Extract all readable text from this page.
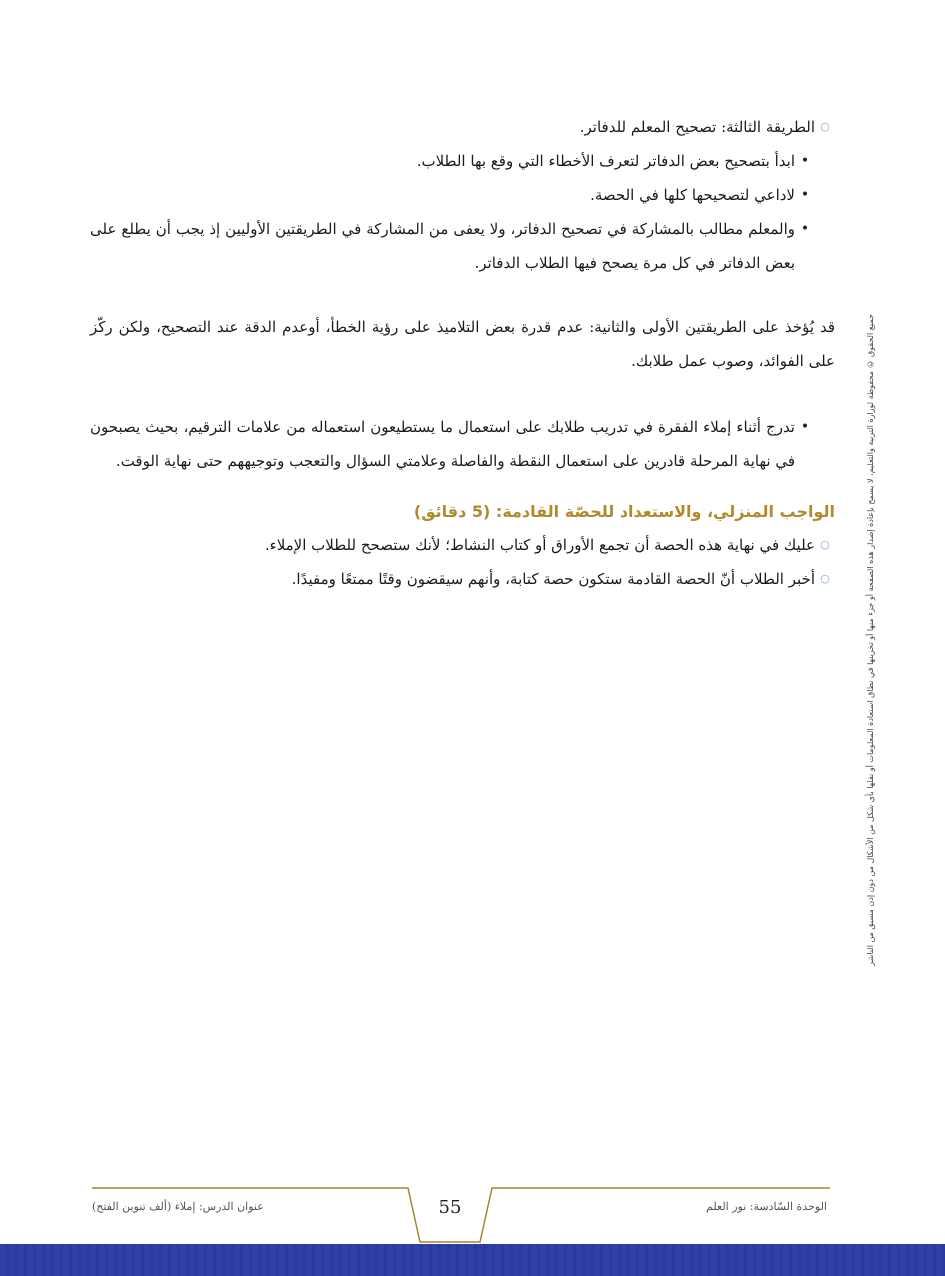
○
الطريقة الثالثة: تصحيح المعلم للدفاتر.
•
ابدأ بتصحيح بعض الدفاتر لتعرف الأخطاء التي وقع بها الطلاب.
•
لاداعي لتصحيحها كلها في الحصة.
•
والمعلم مطالب بالمشاركة في تصحيح الدفاتر، ولا يعفى من المشاركة في الطريقتين الأوليين إذ يجب أن يطلع على بعض الدفاتر في كل مرة يصحح فيها الطلاب الدفاتر.
قد يُؤخذ على الطريقتين الأولى والثانية: عدم قدرة بعض التلاميذ على رؤية الخطأ، أوعدم الدقة عند التصحيح، ولكن ركّز على الفوائد، وصوب عمل طلابك.
•
تدرج أثناء إملاء الفقرة في تدريب طلابك على استعمال ما يستطيعون استعماله من علامات الترقيم، بحيث يصبحون في نهاية المرحلة قادرين على استعمال النقطة والفاصلة وعلامتي السؤال والتعجب وتوجيههم حتى نهاية الوقت.
الواجب المنزلي، والاستعداد للحصّة القادمة: (5 دقائق)
○
عليك في نهاية هذه الحصة أن تجمع الأوراق أو كتاب النشاط؛ لأنك ستصحح للطلاب الإملاء.
○
أخبر الطلاب أنّ الحصة القادمة ستكون حصة كتابة، وأنهم سيقضون وقتًا ممتعًا ومفيدًا.	جميع الحقوق © محفوظة لوزارة التربية والتعليم، لا يسمح بإعادة إصدار هذه الصفحة أو جزء منها أو تخزينها في نطاق استعادة المعلومات أو نقلها بأي شكل من الأشكال من دون إذن مسبق من الناشر
عنوان الدرس: إملاء (ألف تنوين الفتح)	55	الوحدة السّادسة: نور العلم
